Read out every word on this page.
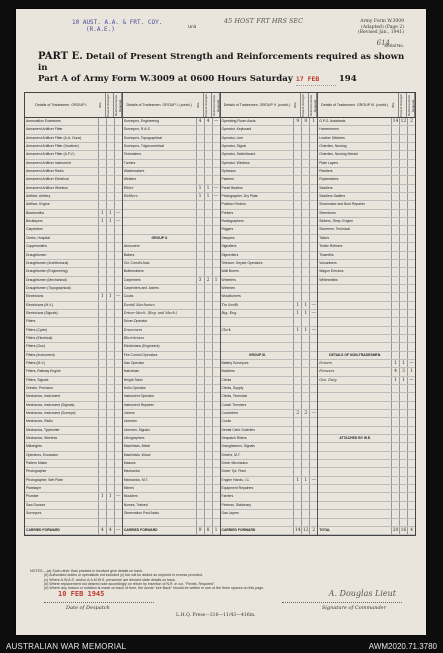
10 AUST. A.A. & FRT. COY.
(R.A.E.)	Unit
45 HOST FRT HRS SEC	Army Form W.3009
(Adapted) (Page 2)
(Revised Jan., 1941)
614
Serial No.
PART E. Detail of Present Strength and Reinforcements required as shown in
Part A of Army Form W.3009 at 0600 Hours Saturday 17 FEB 194
Details of Tradesmen. GROUP I.	W.E.	Present Strength.	Reinforcements Required.
Ammunition Examiners
Armament Artificer Fitter
Armament Artificer Fitter (A.A. Guns)
Armament Artificer Fitter (Howitzer)
Armament Artificer Fitter (A.F.V.)
Armament Artificer Instrument
Armament Artificer Radio
Armament Artificer Electrical
Armament Artificer Wireless
Artificer, Artillery
Artificer, Engine
Blacksmiths	1	1 —
Bricklayers	1	1 —
Carpenters
Clerks, Hospital
Coppersmiths
Draughtsmen
Draughtsmen (Architectural)
Draughtsmen (Engineering)
Draughtsmen (Mechanical)
Draughtsmen (Topographical)
Electricians	1	1 —
Electricians (M.V.)
Electricians (Signals)
Fitters
Fitters (Cycle)
Fitters (Electrical)
Fitters (Gun)
Fitters (Instrument)
Fitters (M.V.)
Fitters, Railway Engine
Fitters, Signals
Grinder, Precision
Mechanics, Instrument
Mechanics, Instrument (Signals)
Mechanics, Instrument (Surveys)
Mechanics, Radio
Mechanics, Typewriter
Mechanics, Wireless
Millwrights
Operators, Excavator
Pattern Maker
Photographer
Photographer, Wet Plate
Platelayer
Plumber	1	1 —
Saw Doctors
Surveyors
CARRIED FORWARD	4	4 —
Details of Tradesmen. GROUP I. (contd.)	W.E.	Present Strength.	Reinforcements Required.
Surveyors, Engineering	4	4 —
Surveyors, R.A.S.
Surveyors, Topographical
Surveyors, Trigonometrical
Textmakers
Turners
Watchmakers
Welders
Fitter	1	1 —
Welders	1	1 —
GROUP II.
Armourers
Bakers
Ckl. Comd's Asst.
Boilermakers
Carpenters	3	2	1
Carpenters and Joiners
Cooks
Dental Mechanics
Driver-Mech. (Eng. and Mech.)
Driver-Operator
Drummers
Electricians
Electricians (Engineers)
Fire Control Operators
Gas Operator
Hatchman
Height Taker
Hollo Operator
Instrument Operator
Instrument Repairer
Joiners
Linemen
Linemen, Signals
Lithographers
Machinists, Metal
Machinists, Wood
Masons
Mechanics
Mechanics, M.T.
Miners
Moulders
Nurses, Trained
Observation Post Assts.
CARRIED FORWARD	9	8	1
Details of Tradesmen. GROUP II. (contd.)	W.E.	Present Strength.	Reinforcements Required.
Operating Room Assts.	9	8	1
Operator, Keyboard
Operator, Line
Operator, Signal
Operator, Switchboard
Operator, Wireless
Opticians
Painters
Panel Beaters
Photographer, Dry Plate
Position Finders
Printers
Radiographers
Riggers
Sawyers
Signallers
Signwriters
Telecom. Keyset Operators
Wall Borers
Wheelers
Wiremen
Woodturners
Tin Smith	1	1 —
Rig. Eng.	1	1 —
Clerk	1	1 —
GROUP III.
Battery Surveyors
Butchers
Clerks
Clerks, Supply
Clerks, Technical
Coach Trimmers
Concreters	2	2 —
Cooks
Dental Clerk Orderlies
Despatch Riders
Draughtsmen, Signals
Drivers, M.T.
Driver Mechanics
Driver Tpt. Plant
Engine Hands, I.C.	1	1 —
Equipment Repairers
Farriers
Fireman, Stationary
Gas Layers
CARRIED FORWARD	14 12 2
Details of Tradesmen. GROUP III. (contd.) W.E.	Present Strength.	Reinforcements Required.
G.P.O. Assistants	14 12 2
Hammermen
Leather Stitchers
Orderlies, Nursing
Orderlies, Nursing Mental
Plate Layers
Rivetters
Ropemakers
Saddlers
Saddlers Sadlers
Shoemaker and Boot Repairer
Steerdores
Strikers, Stmp. Engine
Storemen, Technical
Tailors
Textile Refiners
Tinsmiths
Vulcanisers
Wagon Erectors
Whitesmiths
DETAILS OF NON-TRADESMEN.
Drivers	1	1 —
Pioneers	4	3	1
Gen. Duty	1	1 —
ATTACHED BY W.E.
TOTAL	20 16 4
NOTES.—(a) Such other than privates in involved give details on back.
(b) Authorised duties or specialists not included (c) but will be added as required in excess provided.
(c) Where A.W.A.S. and/or A.A.M.W.S. personnel are desired state details on back.
(d) Where replacement not desired note accordingly on return by insertion of N.R. in col. "Reinfs. Required".
(e) Where any reason or notation is made on back of form, the words "see Back" should be written in one of the three spaces on this page.
10 FEB 1945
Date of Despatch
L.H.Q. Press—316—11/43—416m.
A. Douglas Lieut
Signature of Commander
AUSTRALIAN WAR MEMORIAL	AWM2020.71.3780
